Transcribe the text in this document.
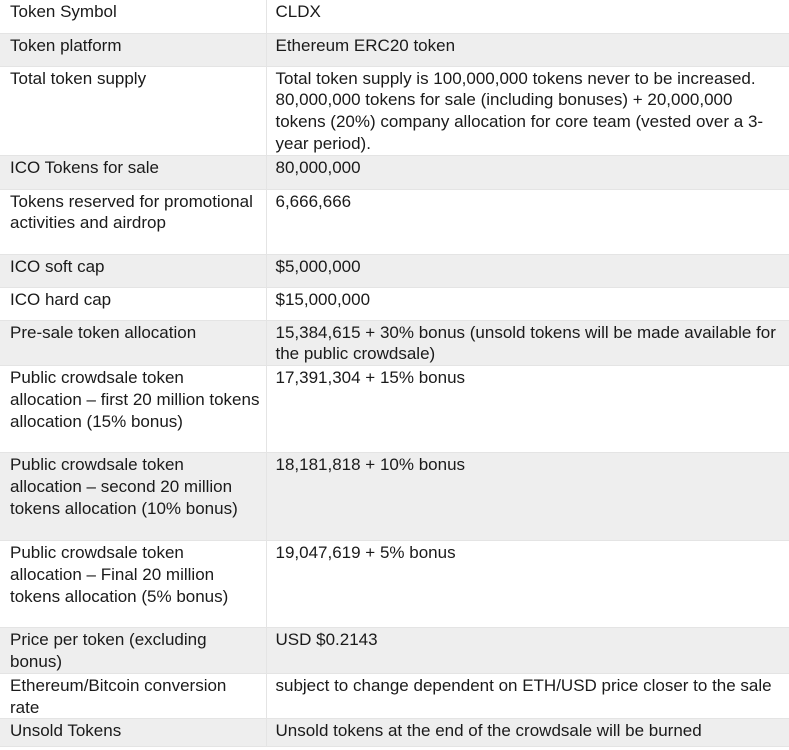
Token Symbol	CLDX
Token platform	Ethereum ERC20 token
Total token supply	Total token supply is 100,000,000 tokens never to be increased. 80,000,000 tokens for sale (including bonuses) + 20,000,000 tokens (20%) company allocation for core team (vested over a 3-year period).
ICO Tokens for sale	80,000,000
Tokens reserved for promotional activities and airdrop	6,666,666
ICO soft cap	$5,000,000
ICO hard cap	$15,000,000
Pre-sale token allocation	15,384,615 + 30% bonus (unsold tokens will be made available for the public crowdsale)
Public crowdsale token allocation – first 20 million tokens allocation (15% bonus)	17,391,304 + 15% bonus
Public crowdsale token allocation – second 20 million tokens allocation (10% bonus)	18,181,818 + 10% bonus
Public crowdsale token allocation – Final 20 million tokens allocation (5% bonus)	19,047,619 + 5% bonus
Price per token (excluding bonus)	USD $0.2143
Ethereum/Bitcoin conversion rate	subject to change dependent on ETH/USD price closer to the sale
Unsold Tokens	Unsold tokens at the end of the crowdsale will be burned
